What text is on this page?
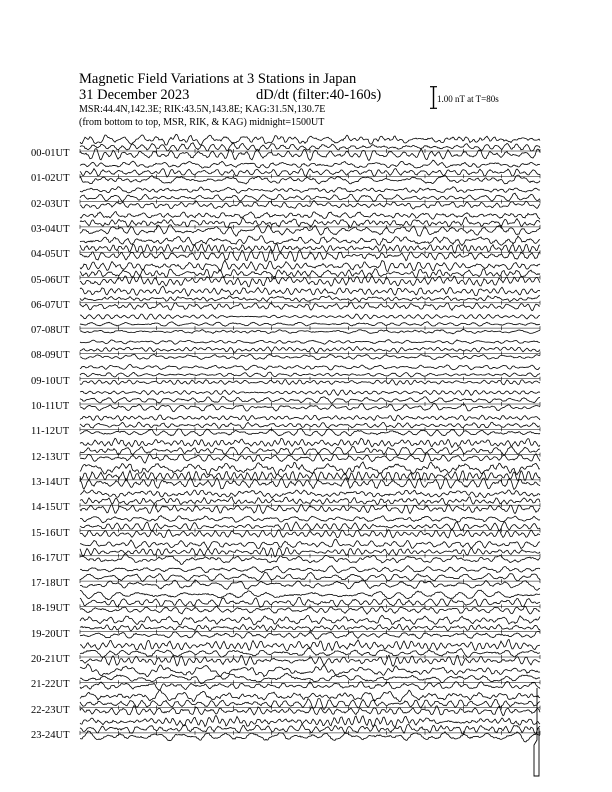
Magnetic Field Variations at 3 Stations in Japan
31 December 2023	dD/dt (filter:40-160s)
MSR:44.4N,142.3E; RIK:43.5N,143.8E; KAG:31.5N,130.7E
(from bottom to top, MSR, RIK, & KAG) midnight=1500UT
1.00 nT at T=80s
00-01UT
01-02UT
02-03UT
03-04UT
04-05UT
05-06UT
06-07UT
07-08UT
08-09UT
09-10UT
10-11UT
11-12UT
12-13UT
13-14UT
14-15UT
15-16UT
16-17UT
17-18UT
18-19UT
19-20UT
20-21UT
21-22UT
22-23UT
23-24UT
